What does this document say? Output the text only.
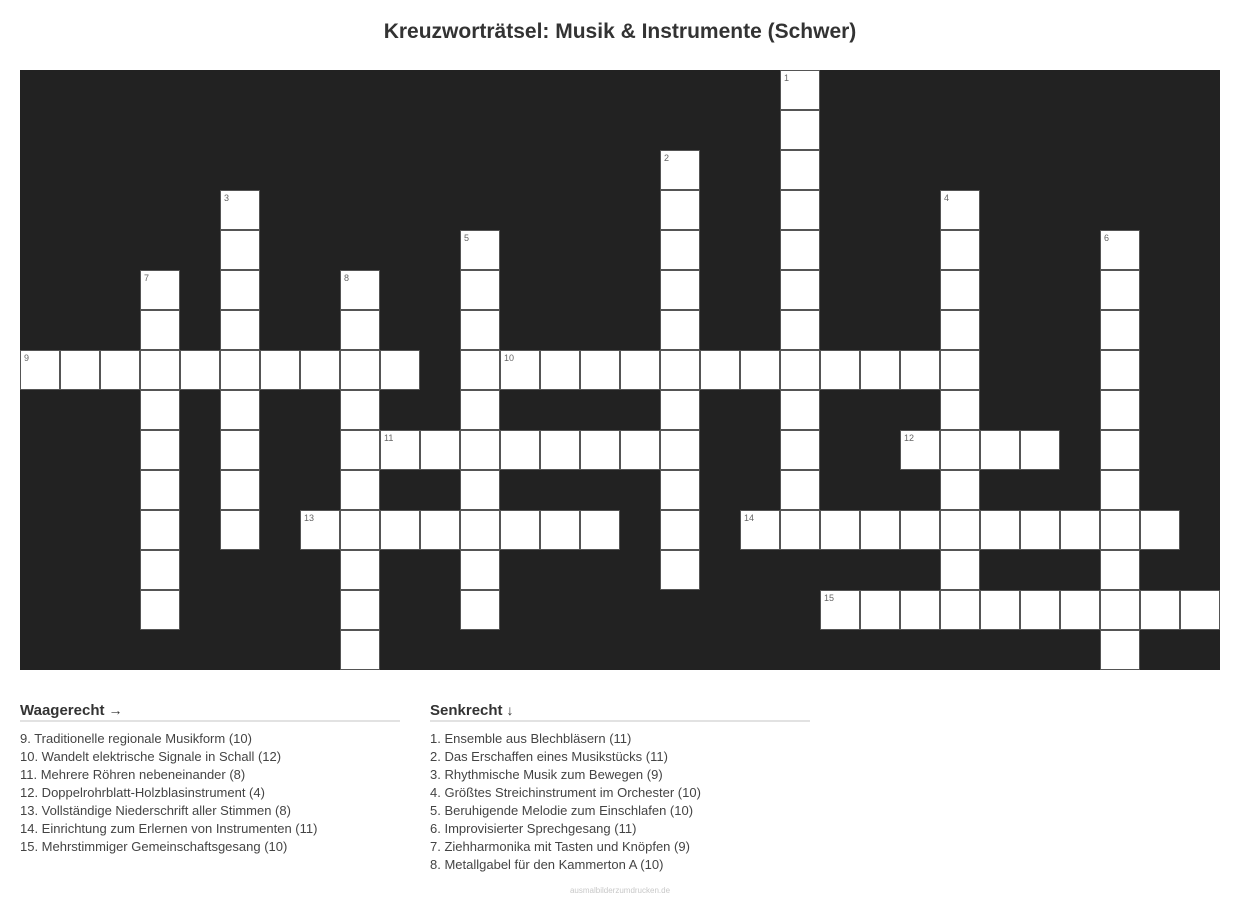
Kreuzworträtsel: Musik & Instrumente (Schwer)
1
2
3	4
5	6
7	8
9	10
11	12
13	14
15
Waagerecht →
9. Traditionelle regionale Musikform (10)
10. Wandelt elektrische Signale in Schall (12)
11. Mehrere Röhren nebeneinander (8)
12. Doppelrohrblatt-Holzblasinstrument (4)
13. Vollständige Niederschrift aller Stimmen (8)
14. Einrichtung zum Erlernen von Instrumenten (11)
15. Mehrstimmiger Gemeinschaftsgesang (10)
Senkrecht ↓
1. Ensemble aus Blechbläsern (11)
2. Das Erschaffen eines Musikstücks (11)
3. Rhythmische Musik zum Bewegen (9)
4. Größtes Streichinstrument im Orchester (10)
5. Beruhigende Melodie zum Einschlafen (10)
6. Improvisierter Sprechgesang (11)
7. Ziehharmonika mit Tasten und Knöpfen (9)
8. Metallgabel für den Kammerton A (10)
ausmalbilderzumdrucken.de
